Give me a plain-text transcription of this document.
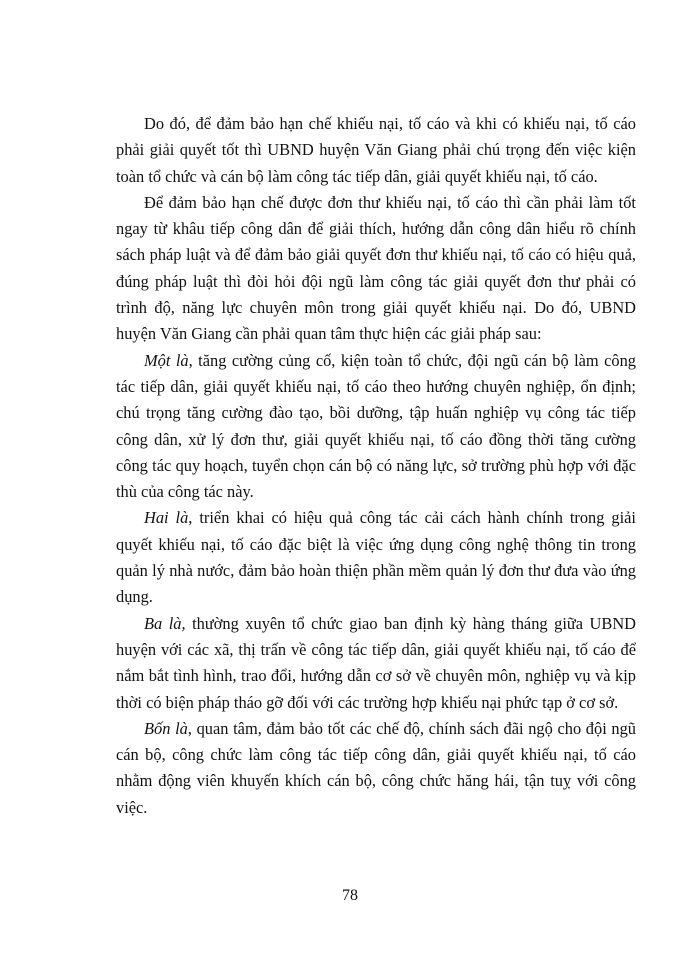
Do đó, để đảm bảo hạn chế khiếu nại, tố cáo và khi có khiếu nại, tố cáo phải giải quyết tốt thì UBND huyện Văn Giang phải chú trọng đến việc kiện toàn tổ chức và cán bộ làm công tác tiếp dân, giải quyết khiếu nại, tố cáo.

Để đảm bảo hạn chế được đơn thư khiếu nại, tố cáo thì cần phải làm tốt ngay từ khâu tiếp công dân để giải thích, hướng dẫn công dân hiểu rõ chính sách pháp luật và để đảm bảo giải quyết đơn thư khiếu nại, tố cáo có hiệu quả, đúng pháp luật thì đòi hỏi đội ngũ làm công tác giải quyết đơn thư phải có trình độ, năng lực chuyên môn trong giải quyết khiếu nại. Do đó, UBND huyện Văn Giang cần phải quan tâm thực hiện các giải pháp sau:

Một là, tăng cường củng cố, kiện toàn tổ chức, đội ngũ cán bộ làm công tác tiếp dân, giải quyết khiếu nại, tố cáo theo hướng chuyên nghiệp, ổn định; chú trọng tăng cường đào tạo, bồi dưỡng, tập huấn nghiệp vụ công tác tiếp công dân, xử lý đơn thư, giải quyết khiếu nại, tố cáo đồng thời tăng cường công tác quy hoạch, tuyển chọn cán bộ có năng lực, sở trường phù hợp với đặc thù của công tác này.

Hai là, triển khai có hiệu quả công tác cải cách hành chính trong giải quyết khiếu nại, tố cáo đặc biệt là việc ứng dụng công nghệ thông tin trong quản lý nhà nước, đảm bảo hoàn thiện phần mềm quản lý đơn thư đưa vào ứng dụng.

Ba là, thường xuyên tổ chức giao ban định kỳ hàng tháng giữa UBND huyện với các xã, thị trấn về công tác tiếp dân, giải quyết khiếu nại, tố cáo để nắm bắt tình hình, trao đổi, hướng dẫn cơ sở về chuyên môn, nghiệp vụ và kịp thời có biện pháp tháo gỡ đối với các trường hợp khiếu nại phức tạp ở cơ sở.

Bốn là, quan tâm, đảm bảo tốt các chế độ, chính sách đãi ngộ cho đội ngũ cán bộ, công chức làm công tác tiếp công dân, giải quyết khiếu nại, tố cáo nhằm động viên khuyến khích cán bộ, công chức hăng hái, tận tuỵ với công việc.

78
